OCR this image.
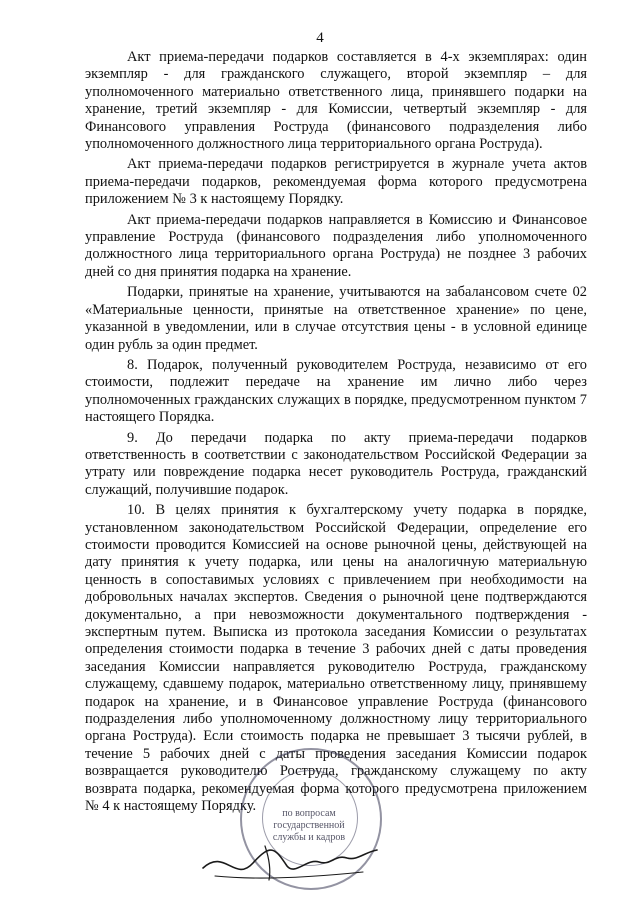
4

Акт приема-передачи подарков составляется в 4-х экземплярах: один экземпляр - для гражданского служащего, второй экземпляр – для уполномоченного материально ответственного лица, принявшего подарки на хранение, третий экземпляр - для Комиссии, четвертый экземпляр - для Финансового управления Роструда (финансового подразделения либо уполномоченного должностного лица территориального органа Роструда).

Акт приема-передачи подарков регистрируется в журнале учета актов приема-передачи подарков, рекомендуемая форма которого предусмотрена приложением № 3 к настоящему Порядку.

Акт приема-передачи подарков направляется в Комиссию и Финансовое управление Роструда (финансового подразделения либо уполномоченного должностного лица территориального органа Роструда) не позднее 3 рабочих дней со дня принятия подарка на хранение.

Подарки, принятые на хранение, учитываются на забалансовом счете 02 «Материальные ценности, принятые на ответственное хранение» по цене, указанной в уведомлении, или в случае отсутствия цены - в условной единице один рубль за один предмет.

8. Подарок, полученный руководителем Роструда, независимо от его стоимости, подлежит передаче на хранение им лично либо через уполномоченных гражданских служащих в порядке, предусмотренном пунктом 7 настоящего Порядка.

9. До передачи подарка по акту приема-передачи подарков ответственность в соответствии с законодательством Российской Федерации за утрату или повреждение подарка несет руководитель Роструда, гражданский служащий, получившие подарок.

10. В целях принятия к бухгалтерскому учету подарка в порядке, установленном законодательством Российской Федерации, определение его стоимости проводится Комиссией на основе рыночной цены, действующей на дату принятия к учету подарка, или цены на аналогичную материальную ценность в сопоставимых условиях с привлечением при необходимости на добровольных началах экспертов. Сведения о рыночной цене подтверждаются документально, а при невозможности документального подтверждения - экспертным путем. Выписка из протокола заседания Комиссии о результатах определения стоимости подарка в течение 3 рабочих дней с даты проведения заседания Комиссии направляется руководителю Роструда, гражданскому служащему, сдавшему подарок, материально ответственному лицу, принявшему подарок на хранение, и в Финансовое управление Роструда (финансового подразделения либо уполномоченному должностному лицу территориального органа Роструда). Если стоимость подарка не превышает 3 тысячи рублей, в течение 5 рабочих дней с даты проведения заседания Комиссии подарок возвращается руководителю Роструда, гражданскому служащему по акту возврата подарка, рекомендуемая форма которого предусмотрена приложением № 4 к настоящему Порядку.	по вопросам
государственной
службы и кадров
